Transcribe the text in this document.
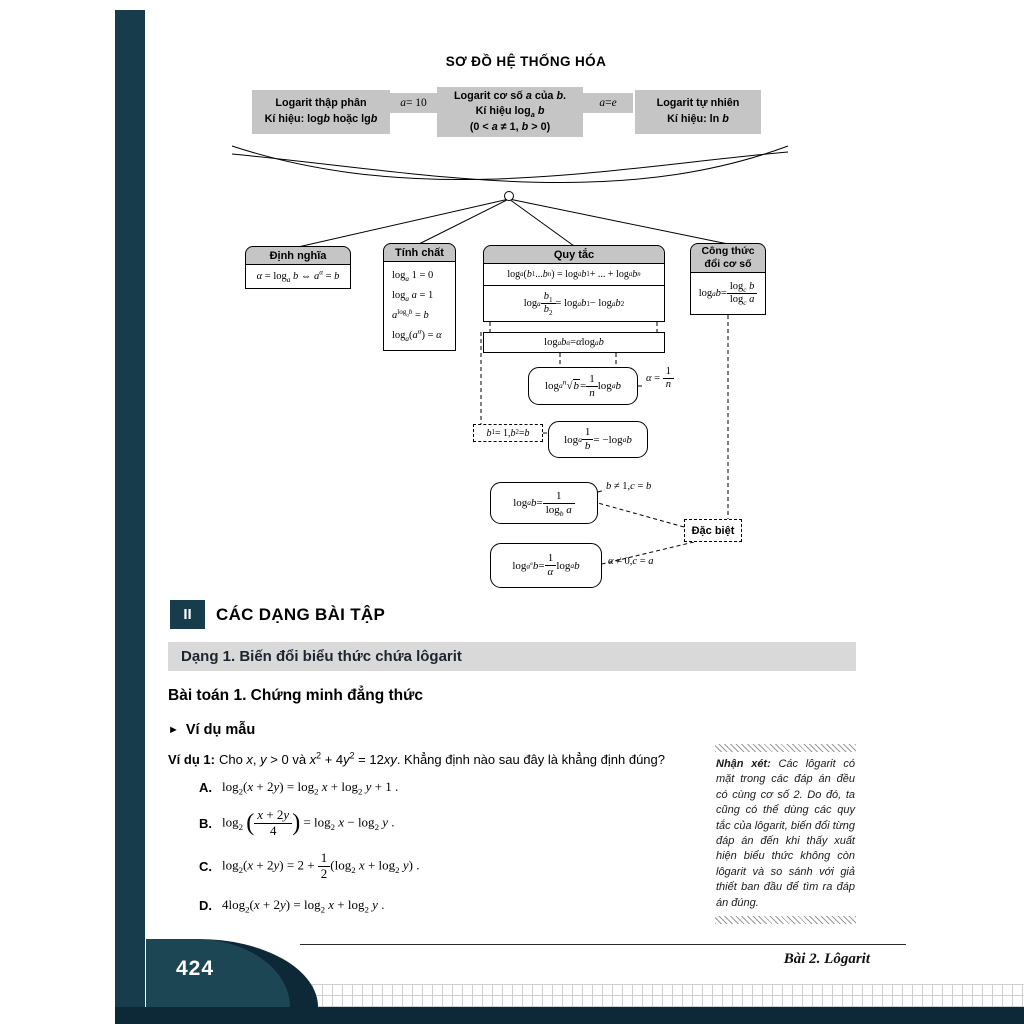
SƠ ĐỒ HỆ THỐNG HÓA
Logarit thập phân
Kí hiệu: logb hoặc lgb
a = 10
Logarit cơ số a của b.
Kí hiệu $\log_a b$
(0 < a ≠ 1, b > 0)
a = e	Logarit tự nhiên
Kí hiệu: ln b
Định nghĩa
$\alpha = \log_a b$ ⇔ $a^\alpha = b$
Tính chất
$\log_a 1 = 0$
$\log_a a = 1$
$a^{log_ab} = b$
$\log_a(a^\alpha) = \alpha$
Quy tắc
log a ( b 1 ... b n ) = log a b 1 + ... + log a b n
log a
$b_1$
$b_2$
= log a b 1 − log a b 2
log a b α = α log a b
Công thức
đổi cơ số
log a b =
$\log_c b$
$\log_c a$
log a $^n$√b =
1
n
log a b
$\alpha = \frac{1}{n}$
b 1 = 1, b 2 = b
log a
1
b
= −log a b
log a b =
1
$\log_b a$
b ≠ 1,c = b
$\log a^\alpha$ b =
1
α
log a b	α ≠ 0,c = a
Đặc biệt
II	CÁC DẠNG BÀI TẬP
Dạng 1. Biến đổi biểu thức chứa lôgarit
Bài toán 1. Chứng minh đẳng thức
► Ví dụ mẫu
Ví dụ 1: Cho x, y > 0 và $x^2 + 4y^2 = 12xy$. Khẳng định nào sau đây là khẳng định đúng?
A. $\log_2(x + 2y) = \log_2 x + \log_2 y + 1$ .
B. $\log_2$ ( $\frac{x + 2y}{4}$ ) = $\log_2 x - \log_2 y$ .
C. $\log_2(x + 2y) = 2 + \frac{1}{2} (\log_2$ $x + \log_2 y$) .
D. $4\log_2(x + 2y) = \log_2 x + \log_2 y$ .
Nhận xét: Các lôgarit có mặt trong các đáp án đều có cùng cơ số 2. Do đó, ta cũng có thể dùng các quy tắc của lôgarit, biến đổi từng đáp án đến khi thấy xuất hiện biểu thức không còn lôgarit và so sánh với giả thiết ban đầu để tìm ra đáp án đúng.
Bài 2. Lôgarit
424
